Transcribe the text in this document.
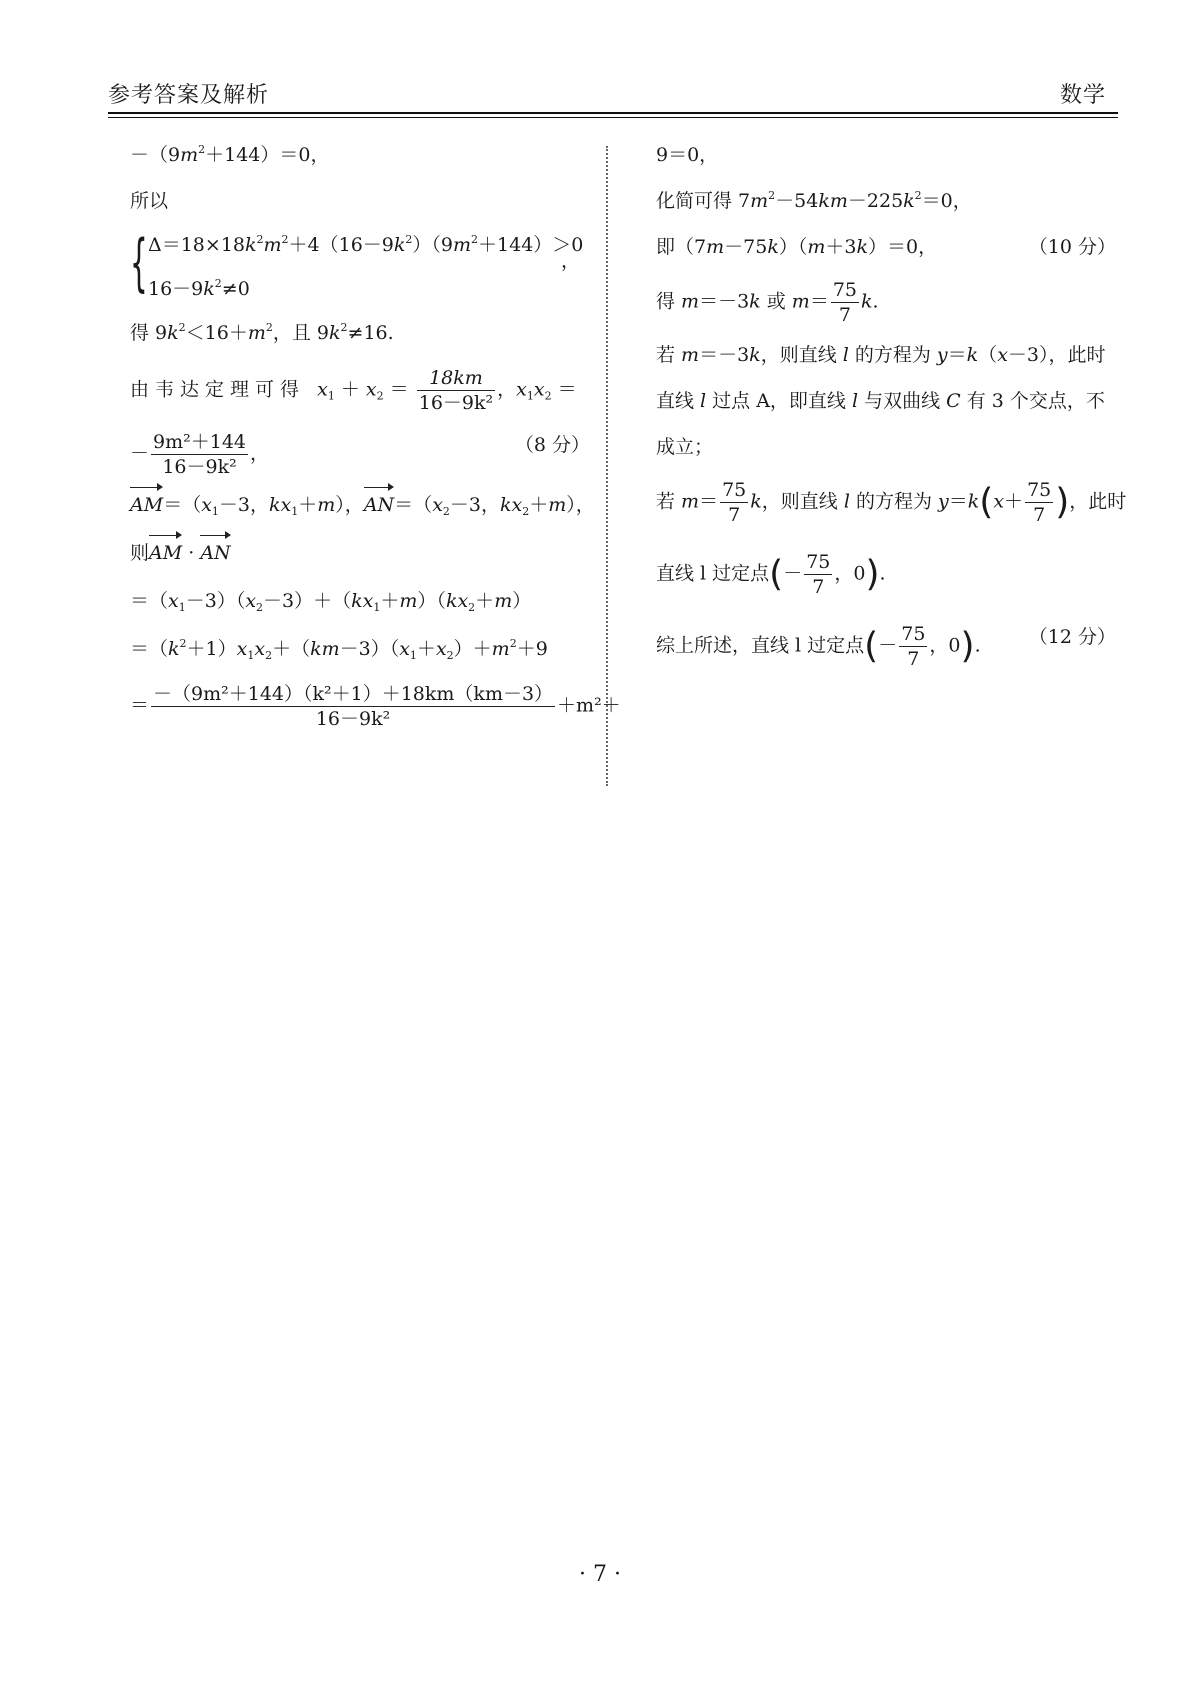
参考答案及解析	数学
$-(9m^2+144)=0$，
所以
{ $\Delta=18\times 18k^2m^2+4(16-9k^2)(9m^2+144)>0$
，
$16-9k^2\ne 0$
得 $9k^2<16+m^2$，且 $9k^2\ne 16$.
由韦达定理可得 $x_1 + x_2 = \frac{18km}{\text{16－9k²}}$ ，$x_1x_2$ ＝
－ $\frac{\text{9m²＋144}}{\text{16－9k²}}$ ，	（8 分）
$AM=(x_1-3$，$kx_1+m$），$AN=(x_2-3$，$kx_2+m$），
则AM · AN
$=(x_1-3)(x_2-3)+(kx_1+m)(kx_2+m)$
$=(k^2+1)x_1x_2+(km-3)(x_1+x_2)+m^2+9$
＝ $\frac{\text{－（9m²＋144）（k²＋1）＋18km（km－3）}}{\text{16－9k²}} +m^2+$
9＝0，
化简可得 $7m^2-54km-225k^2=0$，
即（7m－75k）（m＋3k）＝0，	（10 分）
得 m＝－3k 或 $m= \frac{75}{7} k$.
若 m＝－3k，则直线 l 的方程为 y＝k（x－3），此时
直线 l 过点 A，即直线 l 与双曲线 C 有 3 个交点，不
成立；
若 $m= \frac{75}{7}$ k，则直线 l 的方程为 $y=k(x+ \frac{75}{7}$ )，此时
直线 l 过定点(－ $\frac{75}{7}$ ，0).
综上所述，直线 l 过定点(－ $\frac{75}{7}$ ，0).	（12 分）
· 7 ·
